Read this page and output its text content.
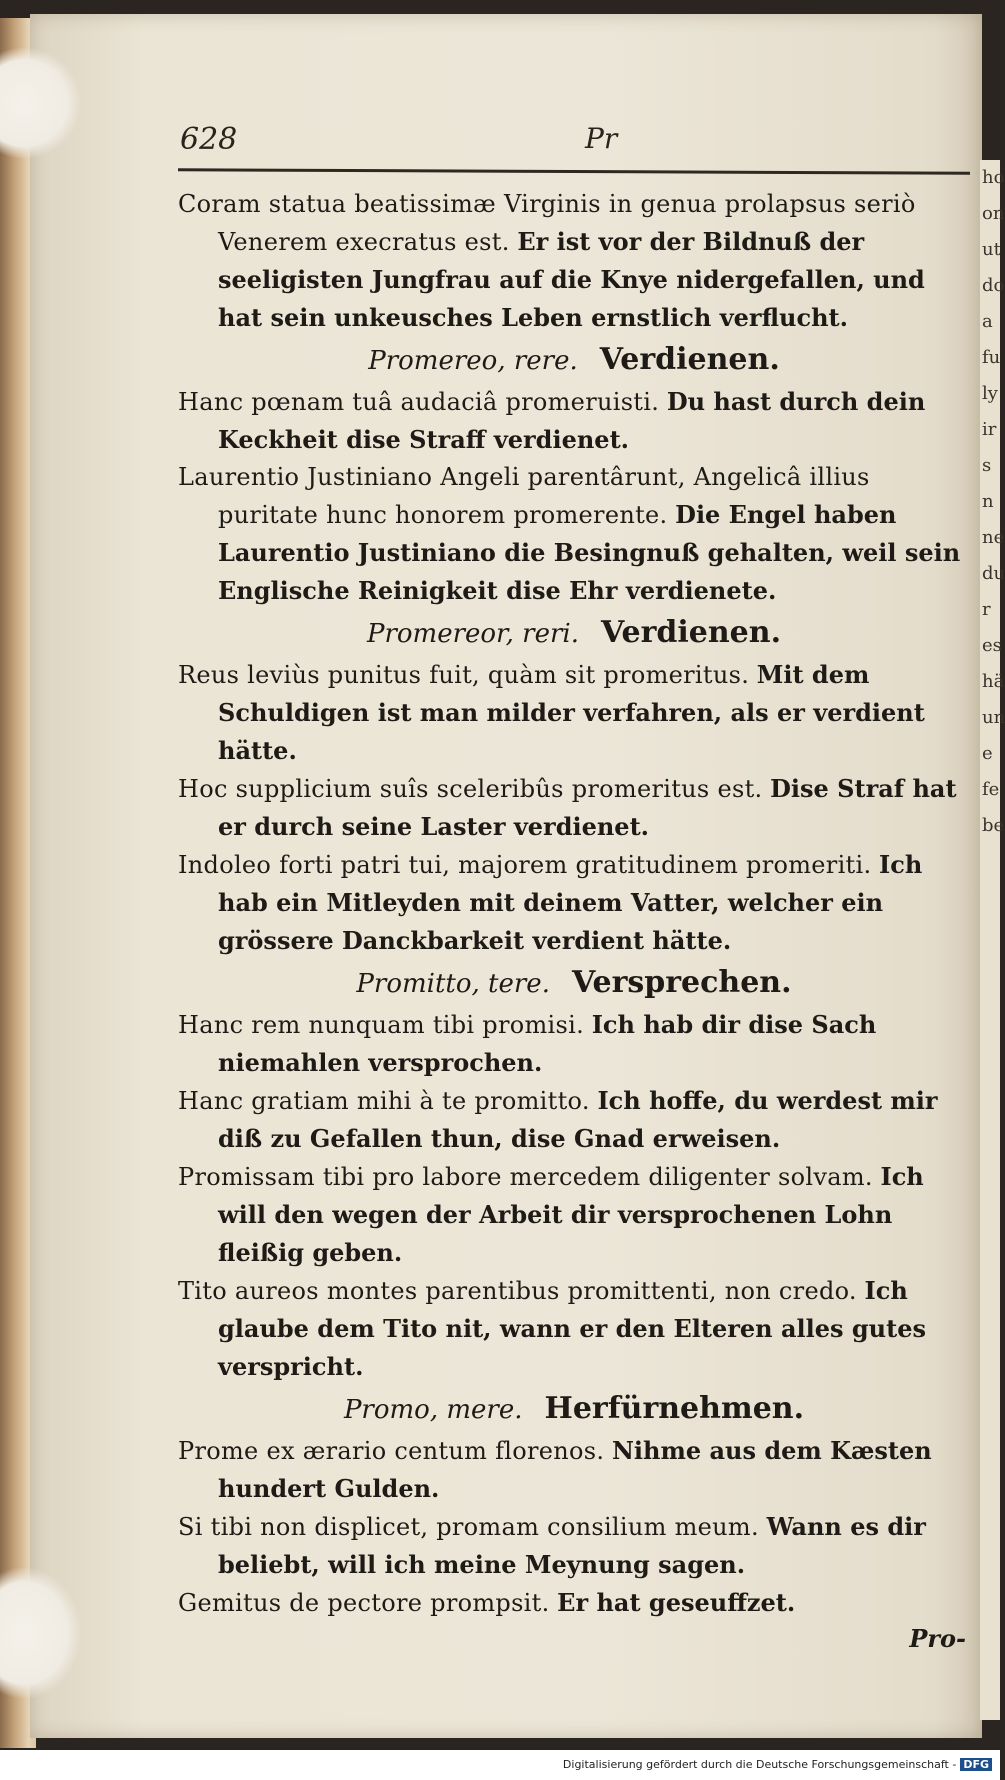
ho
on
ut
do
a
fu
ly
ir
s
n
ne
du
r
es
hä
un
e
fe
be
628	Pr

Coram statua beatissimæ Virginis in genua prolapsus seriò Venerem execratus est. Er ist vor der Bildnuß der seeligisten Jungfrau auf die Knye nidergefallen, und hat sein unkeusches Leben ernstlich verflucht.

Promereo, rere. Verdienen.

Hanc pœnam tuâ audaciâ promeruisti. Du hast durch dein Keckheit dise Straff verdienet.

Laurentio Justiniano Angeli parentârunt, Angelicâ illius puritate hunc honorem promerente. Die Engel haben Laurentio Justiniano die Besingnuß gehalten, weil sein Englische Reinigkeit dise Ehr verdienete.

Promereor, reri. Verdienen.

Reus leviùs punitus fuit, quàm sit promeritus. Mit dem Schuldigen ist man milder verfahren, als er verdient hätte.

Hoc supplicium suîs sceleribûs promeritus est. Dise Straf hat er durch seine Laster verdienet.

Indoleo forti patri tui, majorem gratitudinem promeriti. Ich hab ein Mitleyden mit deinem Vatter, welcher ein grössere Danckbarkeit verdient hätte.

Promitto, tere. Versprechen.

Hanc rem nunquam tibi promisi. Ich hab dir dise Sach niemahlen versprochen.

Hanc gratiam mihi à te promitto. Ich hoffe, du werdest mir diß zu Gefallen thun, dise Gnad erweisen.

Promissam tibi pro labore mercedem diligenter solvam. Ich will den wegen der Arbeit dir versprochenen Lohn fleißig geben.

Tito aureos montes parentibus promittenti, non credo. Ich glaube dem Tito nit, wann er den Elteren alles gutes verspricht.

Promo, mere. Herfürnehmen.

Prome ex ærario centum florenos. Nihme aus dem Kæsten hundert Gulden.

Si tibi non displicet, promam consilium meum. Wann es dir beliebt, will ich meine Meynung sagen.

Gemitus de pectore prompsit. Er hat geseuffzet.

Pro-
Digitalisierung gefördert durch die Deutsche Forschungsgemeinschaft - DFG
